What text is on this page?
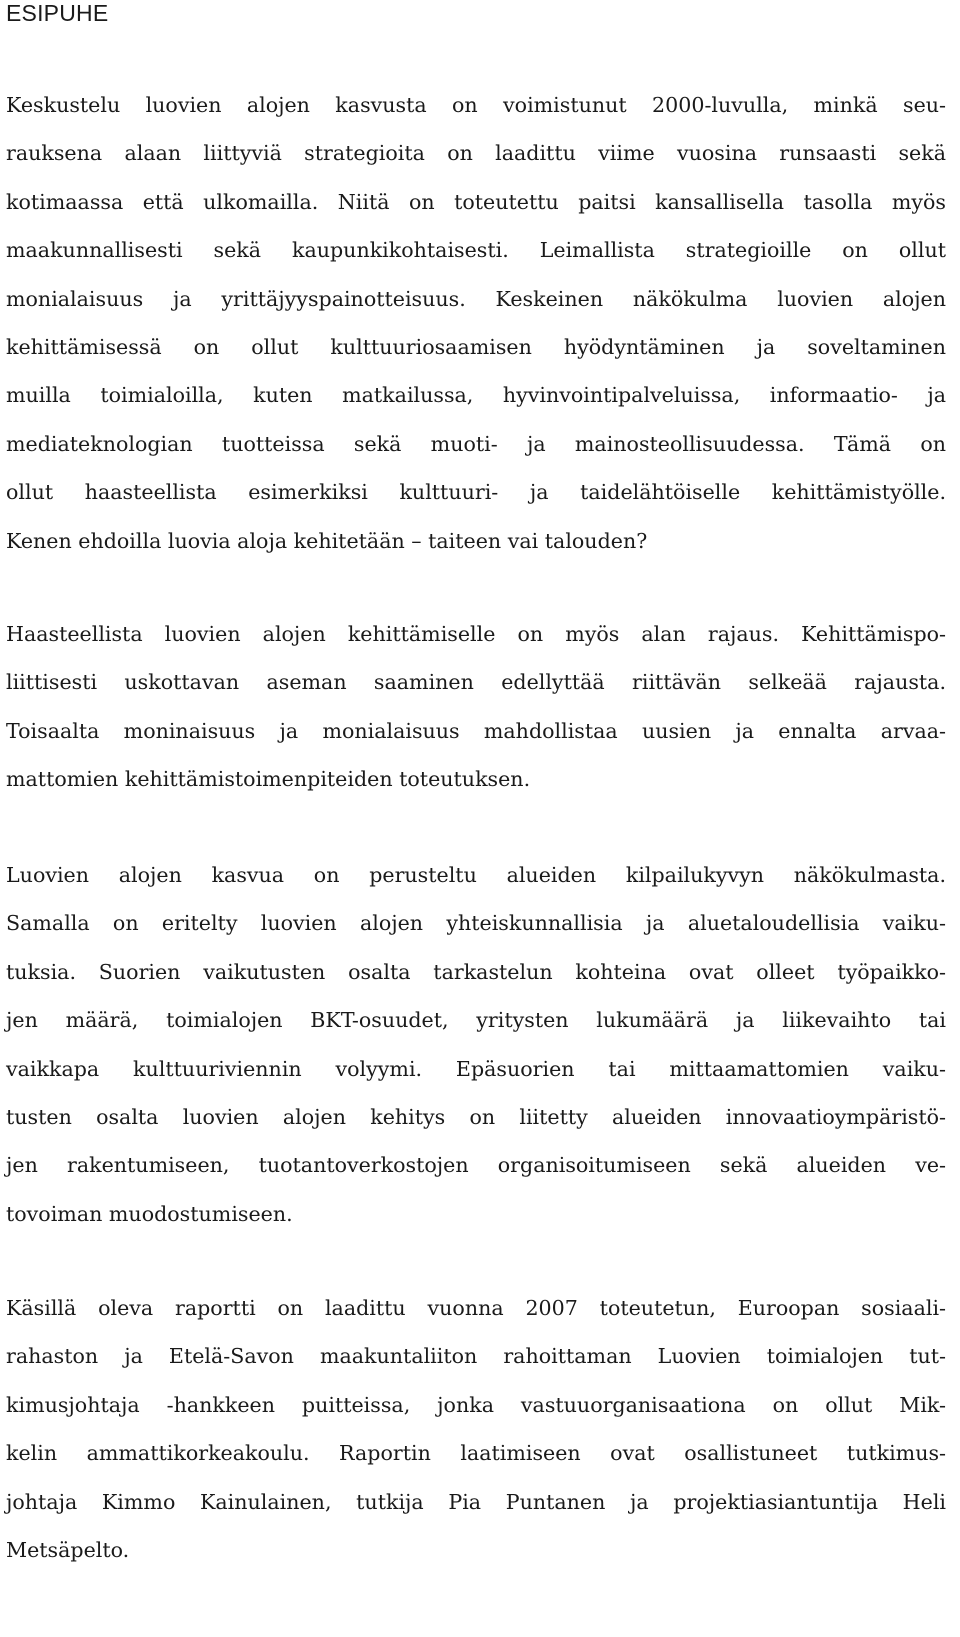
ESIPUHE
Keskustelu luovien alojen kasvusta on voimistunut 2000-luvulla, minkä seu-
rauksena alaan liittyviä strategioita on laadittu viime vuosina runsaasti sekä
kotimaassa että ulkomailla. Niitä on toteutettu paitsi kansallisella tasolla myös
maakunnallisesti sekä kaupunkikohtaisesti. Leimallista strategioille on ollut
monialaisuus ja yrittäjyyspainotteisuus. Keskeinen näkökulma luovien alojen
kehittämisessä on ollut kulttuuriosaamisen hyödyntäminen ja soveltaminen
muilla toimialoilla, kuten matkailussa, hyvinvointipalveluissa, informaatio- ja
mediateknologian tuotteissa sekä muoti- ja mainosteollisuudessa. Tämä on
ollut haasteellista esimerkiksi kulttuuri- ja taidelähtöiselle kehittämistyölle.
Kenen ehdoilla luovia aloja kehitetään – taiteen vai talouden?
Haasteellista luovien alojen kehittämiselle on myös alan rajaus. Kehittämispo-
liittisesti uskottavan aseman saaminen edellyttää riittävän selkeää rajausta.
Toisaalta moninaisuus ja monialaisuus mahdollistaa uusien ja ennalta arvaa-
mattomien kehittämistoimenpiteiden toteutuksen.
Luovien alojen kasvua on perusteltu alueiden kilpailukyvyn näkökulmasta.
Samalla on eritelty luovien alojen yhteiskunnallisia ja aluetaloudellisia vaiku-
tuksia. Suorien vaikutusten osalta tarkastelun kohteina ovat olleet työpaikko-
jen määrä, toimialojen BKT-osuudet, yritysten lukumäärä ja liikevaihto tai
vaikkapa kulttuuriviennin volyymi. Epäsuorien tai mittaamattomien vaiku-
tusten osalta luovien alojen kehitys on liitetty alueiden innovaatioympäristö-
jen rakentumiseen, tuotantoverkostojen organisoitumiseen sekä alueiden ve-
tovoiman muodostumiseen.
Käsillä oleva raportti on laadittu vuonna 2007 toteutetun, Euroopan sosiaali-
rahaston ja Etelä-Savon maakuntaliiton rahoittaman Luovien toimialojen tut-
kimusjohtaja -hankkeen puitteissa, jonka vastuuorganisaationa on ollut Mik-
kelin ammattikorkeakoulu. Raportin laatimiseen ovat osallistuneet tutkimus-
johtaja Kimmo Kainulainen, tutkija Pia Puntanen ja projektiasiantuntija Heli
Metsäpelto.
